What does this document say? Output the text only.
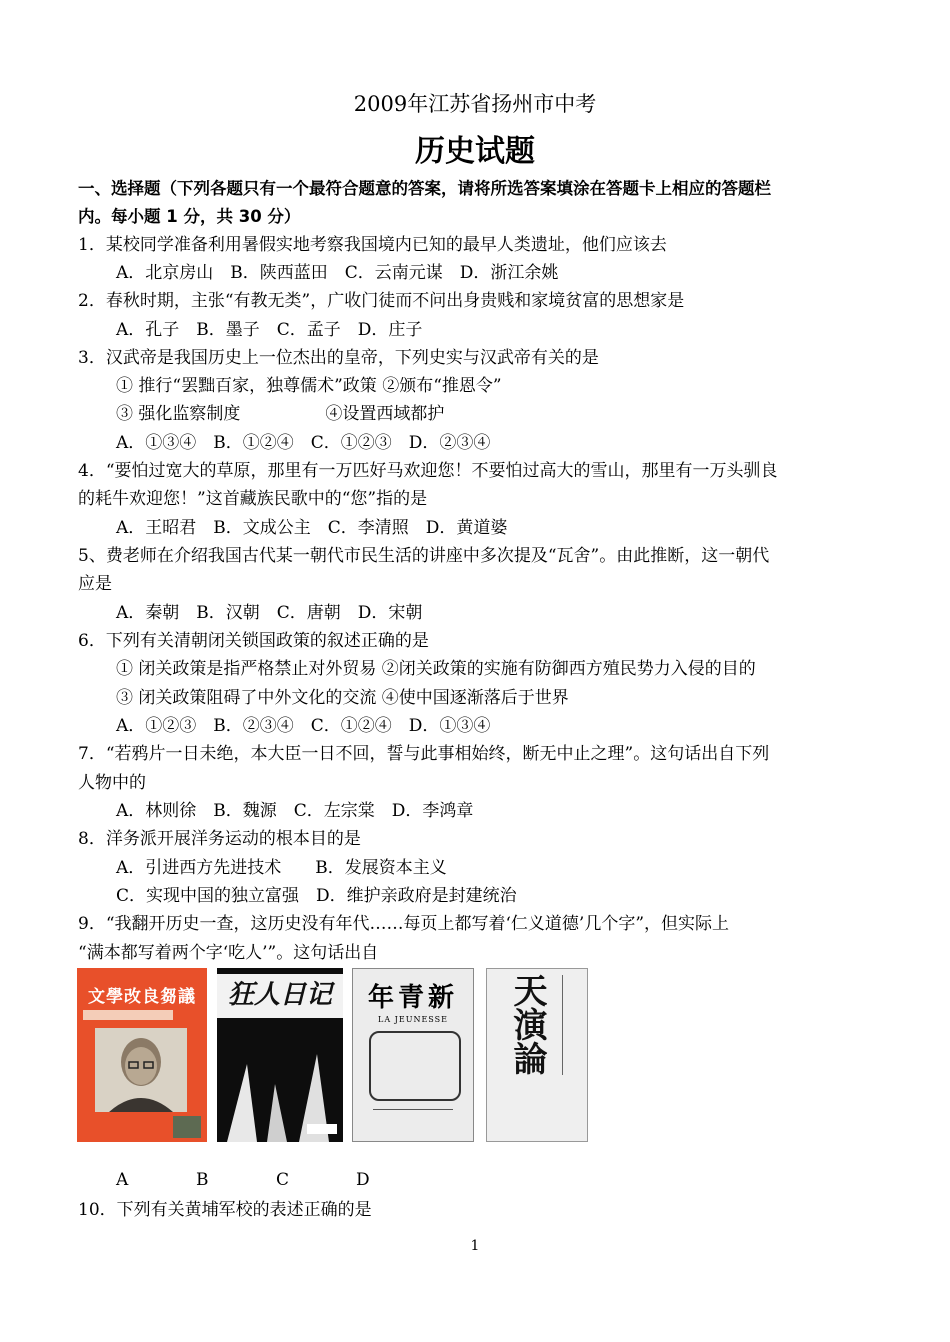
2009年江苏省扬州市中考
历史试题
一、选择题（下列各题只有一个最符合题意的答案，请将所选答案填涂在答题卡上相应的答题栏
内。每小题 1 分，共 30 分）
1．某校同学准备利用暑假实地考察我国境内已知的最早人类遗址，他们应该去
A．北京房山　B．陕西蓝田　C．云南元谋　D．浙江余姚
2．春秋时期，主张“有教无类”，广收门徒而不问出身贵贱和家境贫富的思想家是
A．孔子　B．墨子　C．孟子　D．庄子
3．汉武帝是我国历史上一位杰出的皇帝，下列史实与汉武帝有关的是
① 推行“罢黜百家，独尊儒术”政策 ②颁布“推恩令”
③ 强化监察制度　　　　　④设置西域都护
A．①③④　B．①②④　C．①②③　D．②③④
4．“要怕过宽大的草原，那里有一万匹好马欢迎您！不要怕过高大的雪山，那里有一万头驯良
的耗牛欢迎您！”这首藏族民歌中的“您”指的是
A．王昭君　B．文成公主　C．李清照　D．黄道婆
5、费老师在介绍我国古代某一朝代市民生活的讲座中多次提及“瓦舍”。由此推断，这一朝代
应是
A．秦朝　B．汉朝　C．唐朝　D．宋朝
6．下列有关清朝闭关锁国政策的叙述正确的是
① 闭关政策是指严格禁止对外贸易 ②闭关政策的实施有防御西方殖民势力入侵的目的
③ 闭关政策阻碍了中外文化的交流 ④使中国逐渐落后于世界
A．①②③　B．②③④　C．①②④　D．①③④
7．“若鸦片一日未绝，本大臣一日不回，誓与此事相始终，断无中止之理”。这句话出自下列
人物中的
A．林则徐　B．魏源　C．左宗棠　D．李鸿章
8．洋务派开展洋务运动的根本目的是
A．引进西方先进技术　　B．发展资本主义
C．实现中国的独立富强　D．维护亲政府是封建统治
9．“我翻开历史一查，这历史没有年代……每页上都写着‘仁义道德’几个字”，但实际上
“满本都写着两个字‘吃人’”。这句话出自
文學改良芻議	狂人日记	新青年
LA JEUNESSE	天演論
A	B	C	D
10．下列有关黄埔军校的表述正确的是
1
